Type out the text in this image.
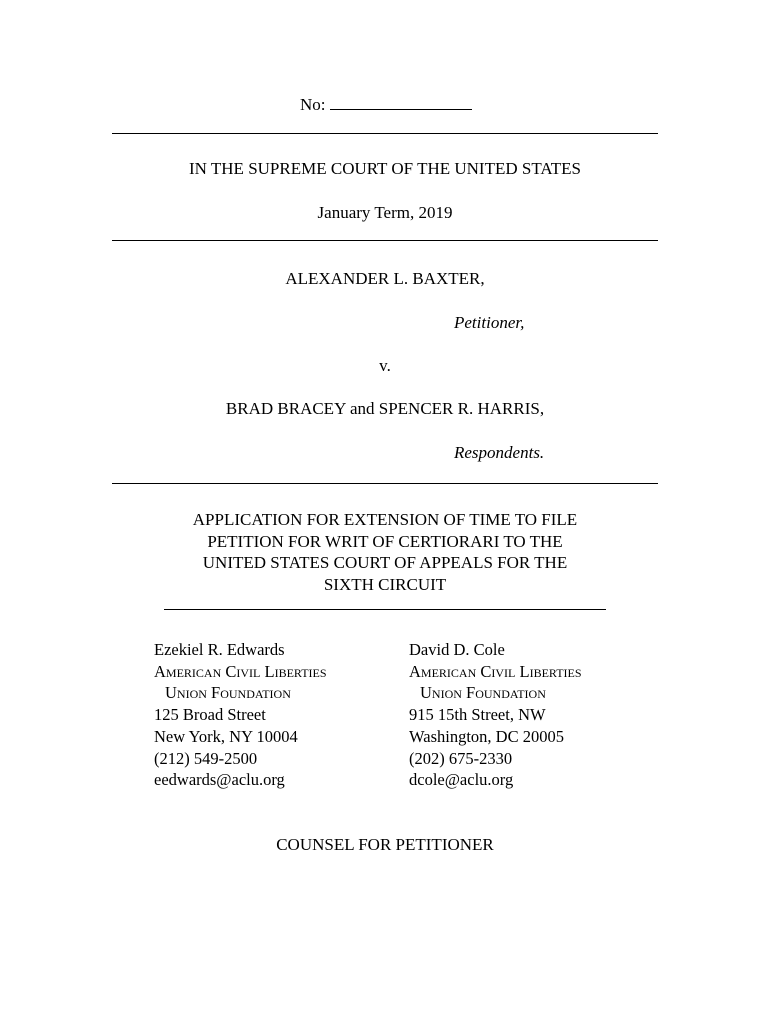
No:
IN THE SUPREME COURT OF THE UNITED STATES
January Term, 2019
ALEXANDER L. BAXTER,
Petitioner,
v.
BRAD BRACEY and SPENCER R. HARRIS,
Respondents.
APPLICATION FOR EXTENSION OF TIME TO FILE
PETITION FOR WRIT OF CERTIORARI TO THE
UNITED STATES COURT OF APPEALS FOR THE
SIXTH CIRCUIT
Ezekiel R. Edwards
American Civil Liberties
Union Foundation
125 Broad Street
New York, NY 10004
(212) 549-2500
eedwards@aclu.org
David D. Cole
American Civil Liberties
Union Foundation
915 15th Street, NW
Washington, DC 20005
(202) 675-2330
dcole@aclu.org
COUNSEL FOR PETITIONER
